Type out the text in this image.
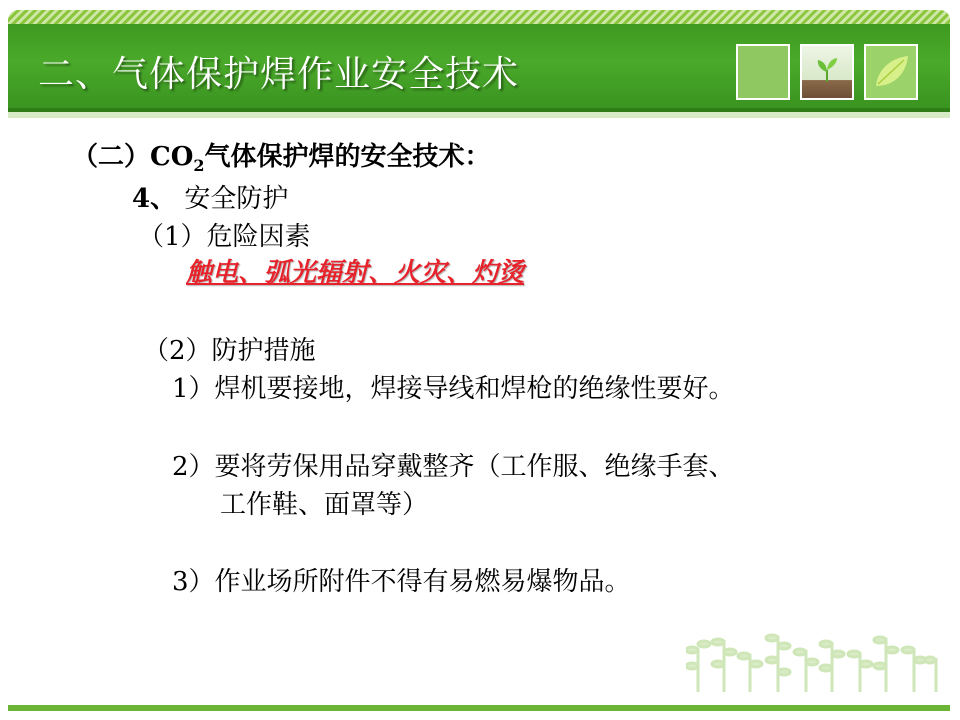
二、气体保护焊作业安全技术

（二）$CO_2$气体保护焊的安全技术：

4、 安全防护

（1）危险因素

触电、弧光辐射、火灾、灼烫

（2）防护措施

1）焊机要接地，焊接导线和焊枪的绝缘性要好。

2）要将劳保用品穿戴整齐（工作服、绝缘手套、

工作鞋、面罩等）

3）作业场所附件不得有易燃易爆物品。
